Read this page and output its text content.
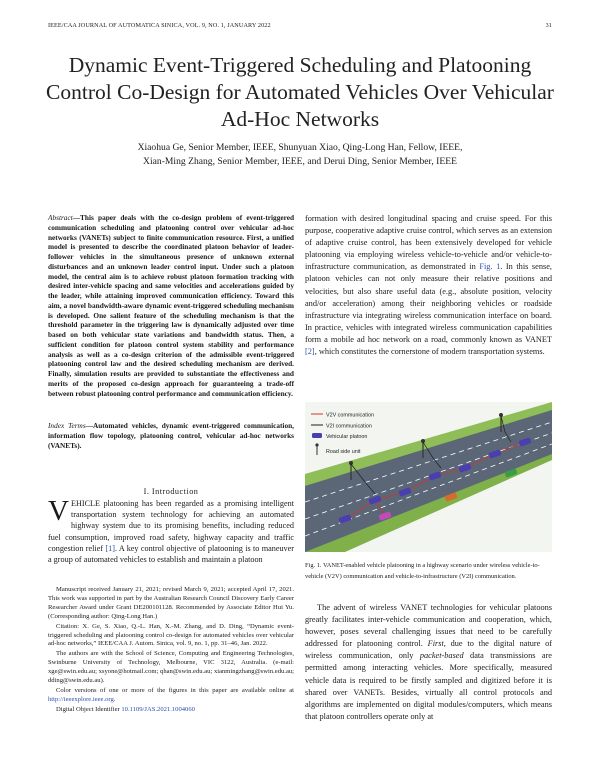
IEEE/CAA JOURNAL OF AUTOMATICA SINICA, VOL. 9, NO. 1, JANUARY 2022	31
Dynamic Event-Triggered Scheduling and Platooning Control Co-Design for Automated Vehicles Over Vehicular Ad-Hoc Networks
Xiaohua Ge, Senior Member, IEEE, Shunyuan Xiao, Qing-Long Han, Fellow, IEEE,
Xian-Ming Zhang, Senior Member, IEEE, and Derui Ding, Senior Member, IEEE
Abstract—This paper deals with the co-design problem of event-triggered communication scheduling and platooning control over vehicular ad-hoc networks (VANETs) subject to finite communication resource. First, a unified model is presented to describe the coordinated platoon behavior of leader-follower vehicles in the simultaneous presence of unknown external disturbances and an unknown leader control input. Under such a platoon model, the central aim is to achieve robust platoon formation tracking with desired inter-vehicle spacing and same velocities and accelerations guided by the leader, while attaining improved communication efficiency. Toward this aim, a novel bandwidth-aware dynamic event-triggered scheduling mechanism is developed. One salient feature of the scheduling mechanism is that the threshold parameter in the triggering law is dynamically adjusted over time based on both vehicular state variations and bandwidth status. Then, a sufficient condition for platoon control system stability and performance analysis as well as a co-design criterion of the admissible event-triggered platooning control law and the desired scheduling mechanism are derived. Finally, simulation results are provided to substantiate the effectiveness and merits of the proposed co-design approach for guaranteeing a trade-off between robust platooning control performance and communication efficiency.
Index Terms—Automated vehicles, dynamic event-triggered communication, information flow topology, platooning control, vehicular ad-hoc networks (VANETs).
I. Introduction
VEHICLE platooning has been regarded as a promising intelligent transportation system technology for achieving an automated highway system due to its promising benefits, including reduced fuel consumption, improved road safety, highway capacity and traffic congestion relief [1]. A key control objective of platooning is to maneuver a group of automated vehicles to establish and maintain a platoon

Manuscript received January 21, 2021; revised March 9, 2021; accepted April 17, 2021. This work was supported in part by the Australian Research Council Discovery Early Career Researcher Award under Grant DE200101128. Recommended by Associate Editor Hui Yu. (Corresponding author: Qing-Long Han.)

Citation: X. Ge, S. Xiao, Q.-L. Han, X.-M. Zhang, and D. Ding, “Dynamic event-triggered scheduling and platooning control co-design for automated vehicles over vehicular ad-hoc networks,” IEEE/CAA J. Autom. Sinica, vol. 9, no. 1, pp. 31–46, Jan. 2022.

The authors are with the School of Science, Computing and Engineering Technologies, Swinburne University of Technology, Melbourne, VIC 3122, Australia. (e-mail: xge@swin.edu.au; xsyone@hotmail.com; qhan@swin.edu.au; xianmingzhang@swin.edu.au; dding@swin.edu.au).

Color versions of one or more of the figures in this paper are available online at http://ieeexplore.ieee.org.

Digital Object Identifier 10.1109/JAS.2021.1004060

formation with desired longitudinal spacing and cruise speed. For this purpose, cooperative adaptive cruise control, which serves as an extension of adaptive cruise control, has been extensively developed for vehicle platooning via employing wireless vehicle-to-vehicle and/or vehicle-to-infrastructure communication, as demonstrated in Fig. 1. In this sense, platoon vehicles can not only measure their relative positions and velocities, but also share useful data (e.g., absolute position, velocity and/or acceleration) among their neighboring vehicles or roadside infrastructure via integrating wireless communication interface on board. In practice, vehicles with integrated wireless communication capabilities form a mobile ad hoc network on a road, commonly known as VANET [2], which constitutes the cornerstone of modern transportation systems.
V2V communication
V2I communication
Vehicular platoon
Road side unit
Fig. 1. VANET-enabled vehicle platooning in a highway scenario under wireless vehicle-to-vehicle (V2V) communication and vehicle-to-infrastructure (V2I) communication.
The advent of wireless VANET technologies for vehicular platoons greatly facilitates inter-vehicle communication and cooperation, which, however, poses several challenging issues that need to be carefully addressed for platooning control. First, due to the digital nature of wireless communication, only packet-based data transmissions are permitted among interacting vehicles. More specifically, measured vehicle data is required to be firstly sampled and digitized before it is shared over VANETs. Besides, virtually all control protocols and algorithms are implemented on digital modules/computers, which means that platoon controllers operate only at
